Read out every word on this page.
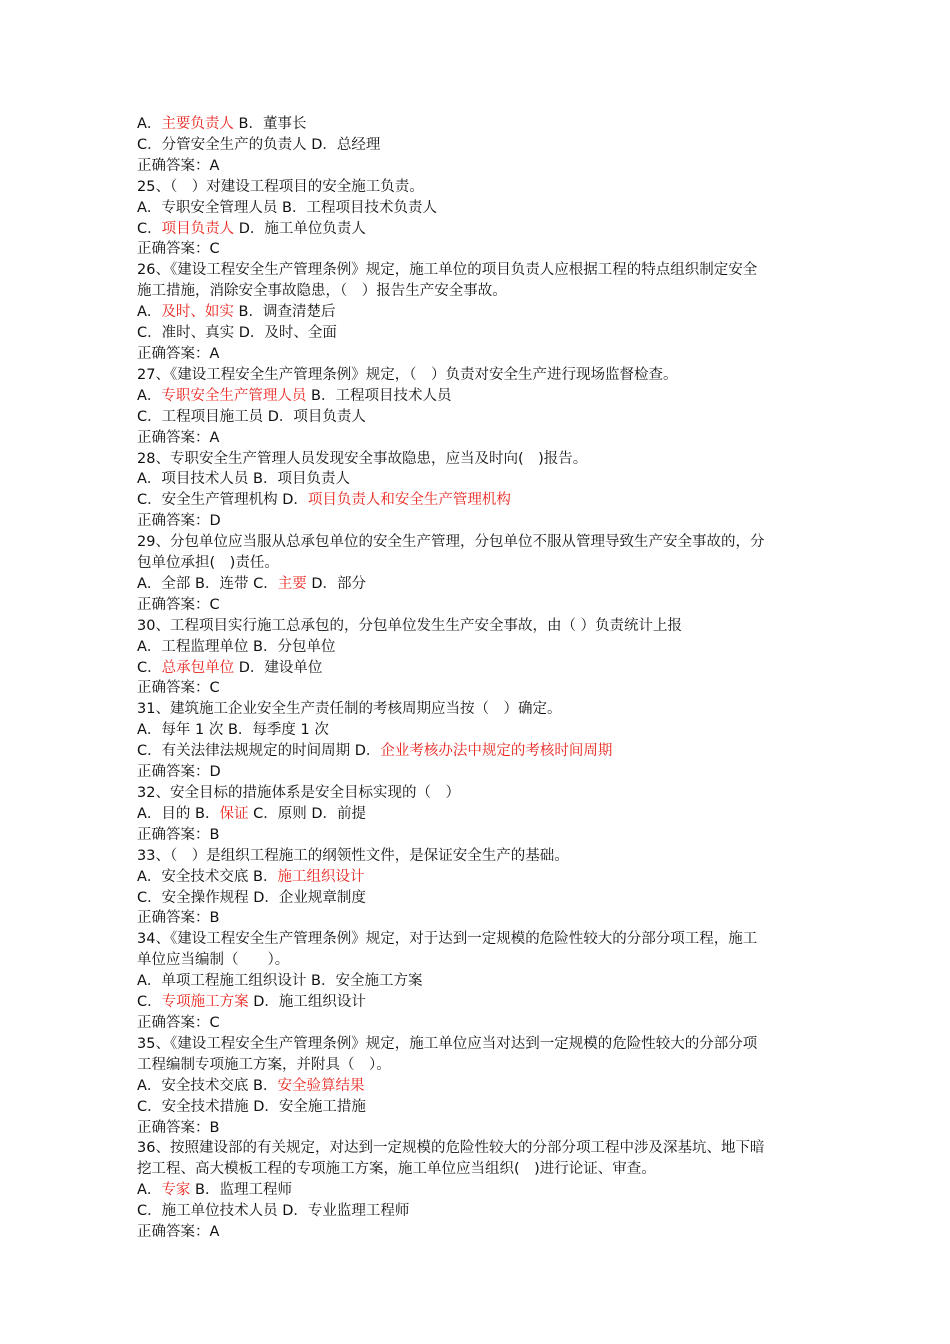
A．主要负责人 B．董事长
C．分管安全生产的负责人 D．总经理
正确答案：A
25、（　）对建设工程项目的安全施工负责。
A．专职安全管理人员 B．工程项目技术负责人
C．项目负责人 D．施工单位负责人
正确答案：C
26、《建设工程安全生产管理条例》规定，施工单位的项目负责人应根据工程的特点组织制定安全
施工措施，消除安全事故隐患，（　）报告生产安全事故。
A．及时、如实 B．调查清楚后
C．准时、真实 D．及时、全面
正确答案：A
27、《建设工程安全生产管理条例》规定，（　）负责对安全生产进行现场监督检查。
A．专职安全生产管理人员 B．工程项目技术人员
C．工程项目施工员 D．项目负责人
正确答案：A
28、专职安全生产管理人员发现安全事故隐患，应当及时向(　)报告。
A．项目技术人员 B．项目负责人
C．安全生产管理机构 D．项目负责人和安全生产管理机构
正确答案：D
29、分包单位应当服从总承包单位的安全生产管理，分包单位不服从管理导致生产安全事故的，分
包单位承担(　)责任。
A．全部 B．连带 C．主要 D．部分
正确答案：C
30、工程项目实行施工总承包的，分包单位发生生产安全事故，由（ ）负责统计上报
A．工程监理单位 B．分包单位
C．总承包单位 D．建设单位
正确答案：C
31、建筑施工企业安全生产责任制的考核周期应当按（　）确定。
A．每年 1 次 B．每季度 1 次
C．有关法律法规规定的时间周期 D．企业考核办法中规定的考核时间周期
正确答案：D
32、安全目标的措施体系是安全目标实现的（　）
A．目的 B．保证 C．原则 D．前提
正确答案：B
33、（　）是组织工程施工的纲领性文件，是保证安全生产的基础。
A．安全技术交底 B．施工组织设计
C．安全操作规程 D．企业规章制度
正确答案：B
34、《建设工程安全生产管理条例》规定，对于达到一定规模的危险性较大的分部分项工程，施工
单位应当编制（　　）。
A．单项工程施工组织设计 B．安全施工方案
C．专项施工方案 D．施工组织设计
正确答案：C
35、《建设工程安全生产管理条例》规定，施工单位应当对达到一定规模的危险性较大的分部分项
工程编制专项施工方案，并附具（　）。
A．安全技术交底 B．安全验算结果
C．安全技术措施 D．安全施工措施
正确答案：B
36、按照建设部的有关规定，对达到一定规模的危险性较大的分部分项工程中涉及深基坑、地下暗
挖工程、高大模板工程的专项施工方案，施工单位应当组织(　)进行论证、审查。
A．专家 B．监理工程师
C．施工单位技术人员 D．专业监理工程师
正确答案：A
